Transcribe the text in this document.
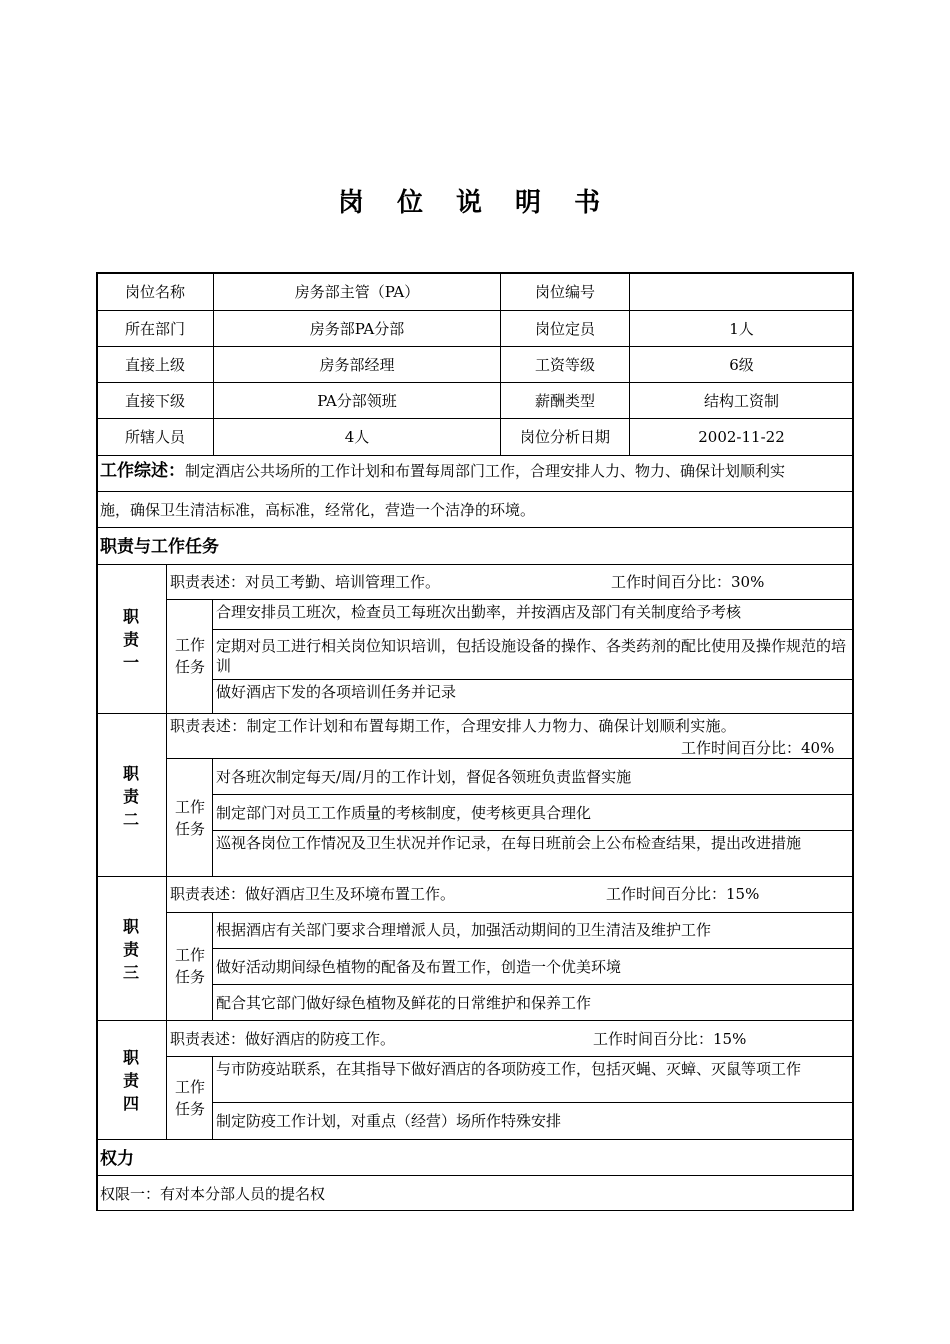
岗 位 说 明 书
岗位名称	房务部主管（PA）	岗位编号
所在部门	房务部PA分部	岗位定员	1人
直接上级	房务部经理	工资等级	6级
直接下级	PA分部领班	薪酬类型	结构工资制
所辖人员	4人	岗位分析日期	2002-11-22
工作综述：制定酒店公共场所的工作计划和布置每周部门工作，合理安排人力、物力、确保计划顺利实
施，确保卫生清洁标准，高标准，经常化，营造一个洁净的环境。
职责与工作任务
职责一
职责表述：对员工考勤、培训管理工作。	工作时间百分比：30%
工作任务
合理安排员工班次，检查员工每班次出勤率，并按酒店及部门有关制度给予考核
定期对员工进行相关岗位知识培训，包括设施设备的操作、各类药剂的配比使用及操作规范的培训
做好酒店下发的各项培训任务并记录
职责二
职责表述：制定工作计划和布置每期工作，合理安排人力物力、确保计划顺利实施。
工作时间百分比：40%
工作任务
对各班次制定每天/周/月的工作计划，督促各领班负责监督实施
制定部门对员工工作质量的考核制度，使考核更具合理化
巡视各岗位工作情况及卫生状况并作记录，在每日班前会上公布检查结果，提出改进措施
职责三
职责表述：做好酒店卫生及环境布置工作。	工作时间百分比：15%
工作任务
根据酒店有关部门要求合理增派人员，加强活动期间的卫生清洁及维护工作
做好活动期间绿色植物的配备及布置工作，创造一个优美环境
配合其它部门做好绿色植物及鲜花的日常维护和保养工作
职责四
职责表述：做好酒店的防疫工作。	工作时间百分比：15%
工作任务
与市防疫站联系，在其指导下做好酒店的各项防疫工作，包括灭蝇、灭蟑、灭鼠等项工作
制定防疫工作计划，对重点（经营）场所作特殊安排
权力
权限一：有对本分部人员的提名权
